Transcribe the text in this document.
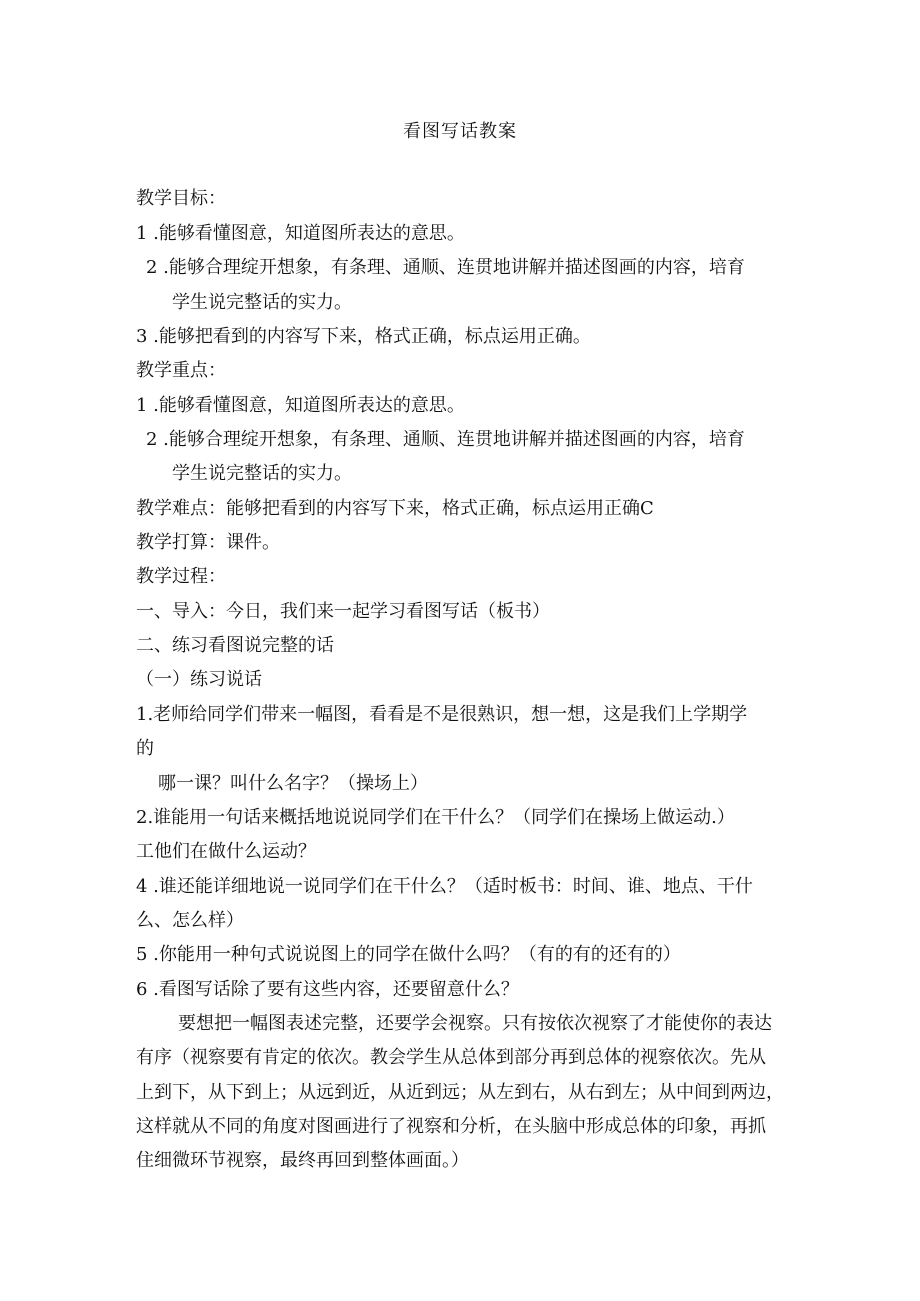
看图写话教案
教学目标：
1 .能够看懂图意，知道图所表达的意思。
2 .能够合理绽开想象，有条理、通顺、连贯地讲解并描述图画的内容，培育
学生说完整话的实力。
3 .能够把看到的内容写下来，格式正确，标点运用正确。
教学重点：
1 .能够看懂图意，知道图所表达的意思。
2 .能够合理绽开想象，有条理、通顺、连贯地讲解并描述图画的内容，培育
学生说完整话的实力。
教学难点：能够把看到的内容写下来，格式正确，标点运用正确C
教学打算：课件。
教学过程：
一、导入：今日，我们来一起学习看图写话（板书）
二、练习看图说完整的话
（一）练习说话
1.老师给同学们带来一幅图，看看是不是很熟识，想一想，这是我们上学期学
的
哪一课？叫什么名字？（操场上）
2.谁能用一句话来概括地说说同学们在干什么？（同学们在操场上做运动.）
工他们在做什么运动？
4 .谁还能详细地说一说同学们在干什么？（适时板书：时间、谁、地点、干什
么、怎么样）
5 .你能用一种句式说说图上的同学在做什么吗？（有的有的还有的）
6 .看图写话除了要有这些内容，还要留意什么？
要想把一幅图表述完整，还要学会视察。只有按依次视察了才能使你的表达
有序（视察要有肯定的依次。教会学生从总体到部分再到总体的视察依次。先从
上到下，从下到上；从远到近，从近到远；从左到右，从右到左；从中间到两边，
这样就从不同的角度对图画进行了视察和分析，在头脑中形成总体的印象，再抓
住细微环节视察，最终再回到整体画面。）
